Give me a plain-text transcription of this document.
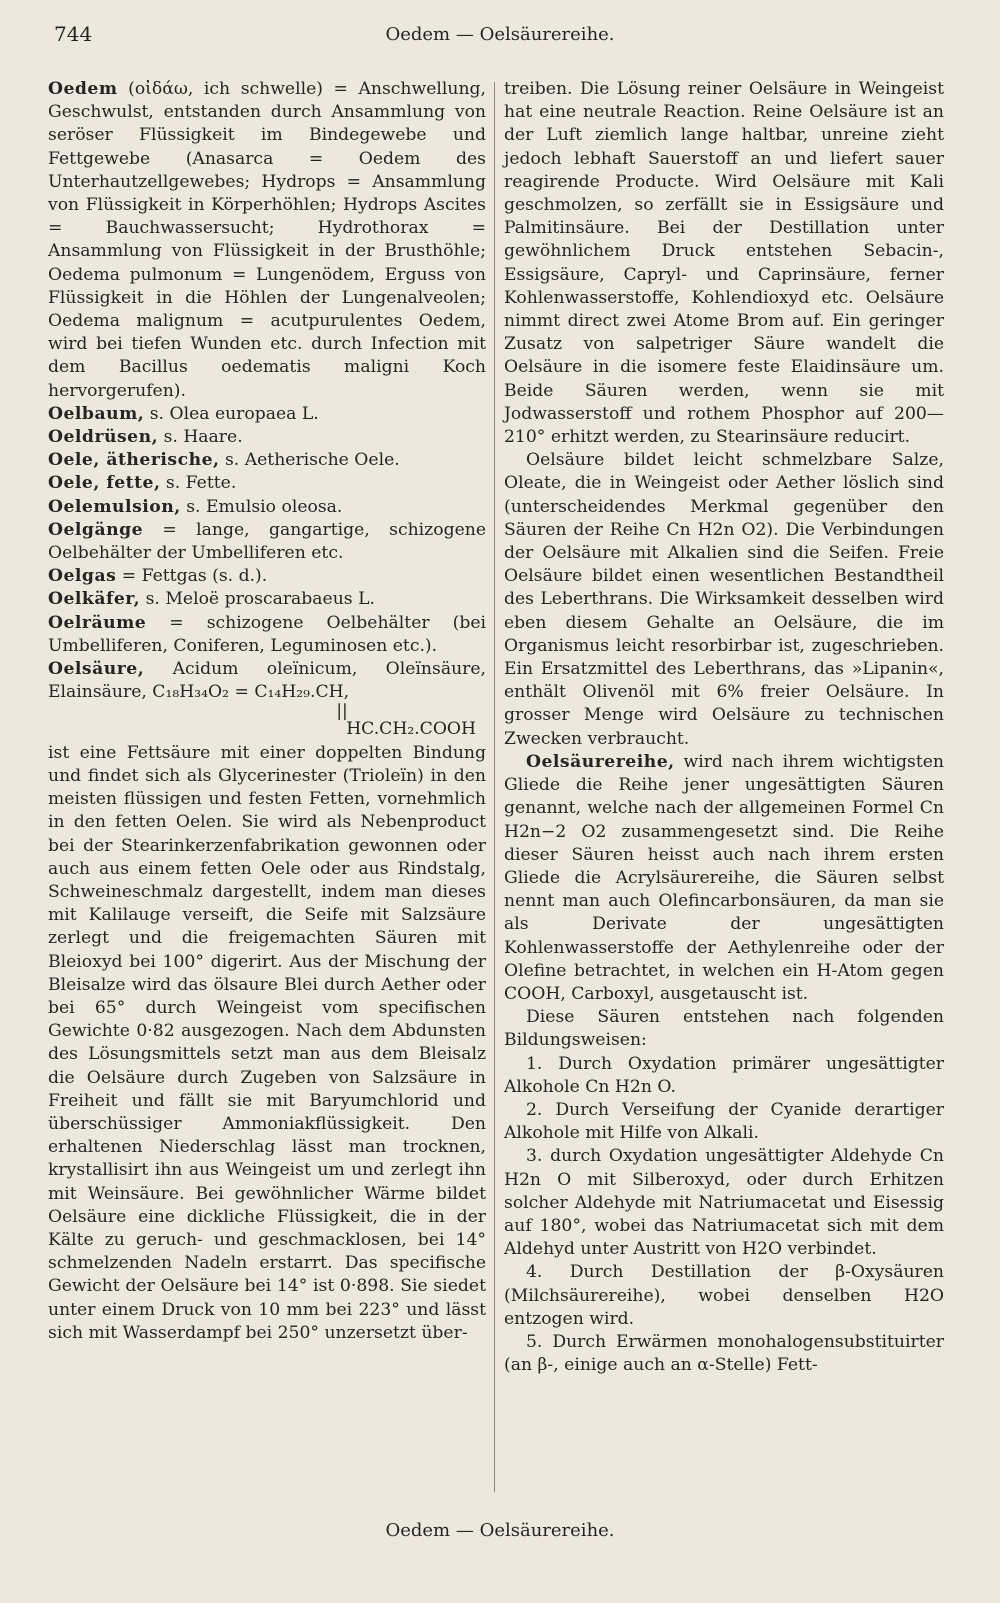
744	Oedem — Oelsäurereihe.

Oedem (οἰδάω, ich schwelle) = Anschwellung, Geschwulst, entstanden durch Ansammlung von seröser Flüssigkeit im Bindegewebe und Fettgewebe (Anasarca = Oedem des Unterhautzellgewebes; Hydrops = Ansammlung von Flüssigkeit in Körperhöhlen; Hydrops Ascites = Bauchwassersucht; Hydrothorax = Ansammlung von Flüssigkeit in der Brusthöhle; Oedema pulmonum = Lungenödem, Erguss von Flüssigkeit in die Höhlen der Lungenalveolen; Oedema malignum = acutpurulentes Oedem, wird bei tiefen Wunden etc. durch Infection mit dem Bacillus oedematis maligni Koch hervorgerufen).

Oelbaum, s. Olea europaea L.

Oeldrüsen, s. Haare.

Oele, ätherische, s. Aetherische Oele.

Oele, fette, s. Fette.

Oelemulsion, s. Emulsio oleosa.

Oelgänge = lange, gangartige, schizogene Oelbehälter der Umbelliferen etc.

Oelgas = Fettgas (s. d.).

Oelkäfer, s. Meloë proscarabaeus L.

Oelräume = schizogene Oelbehälter (bei Umbelliferen, Coniferen, Leguminosen etc.).

Oelsäure, Acidum oleïnicum, Oleïnsäure, Elainsäure, C₁₈H₃₄O₂ = C₁₄H₂₉.CH,

||

HC.CH₂.COOH

ist eine Fettsäure mit einer doppelten Bindung und findet sich als Glycerinester (Trioleïn) in den meisten flüssigen und festen Fetten, vornehmlich in den fetten Oelen. Sie wird als Nebenproduct bei der Stearinkerzenfabrikation gewonnen oder auch aus einem fetten Oele oder aus Rindstalg, Schweineschmalz dargestellt, indem man dieses mit Kalilauge verseift, die Seife mit Salzsäure zerlegt und die freigemachten Säuren mit Bleioxyd bei 100° digerirt. Aus der Mischung der Bleisalze wird das ölsaure Blei durch Aether oder bei 65° durch Weingeist vom specifischen Gewichte 0·82 ausgezogen. Nach dem Abdunsten des Lösungsmittels setzt man aus dem Bleisalz die Oelsäure durch Zugeben von Salzsäure in Freiheit und fällt sie mit Baryumchlorid und überschüssiger Ammoniakflüssigkeit. Den erhaltenen Niederschlag lässt man trocknen, krystallisirt ihn aus Weingeist um und zerlegt ihn mit Weinsäure. Bei gewöhnlicher Wärme bildet Oelsäure eine dickliche Flüssigkeit, die in der Kälte zu geruch- und geschmacklosen, bei 14° schmelzenden Nadeln erstarrt. Das specifische Gewicht der Oelsäure bei 14° ist 0·898. Sie siedet unter einem Druck von 10 mm bei 223° und lässt sich mit Wasserdampf bei 250° unzersetzt über-

treiben. Die Lösung reiner Oelsäure in Weingeist hat eine neutrale Reaction. Reine Oelsäure ist an der Luft ziemlich lange haltbar, unreine zieht jedoch lebhaft Sauerstoff an und liefert sauer reagirende Producte. Wird Oelsäure mit Kali geschmolzen, so zerfällt sie in Essigsäure und Palmitinsäure. Bei der Destillation unter gewöhnlichem Druck entstehen Sebacin-, Essigsäure, Capryl- und Caprinsäure, ferner Kohlenwasserstoffe, Kohlendioxyd etc. Oelsäure nimmt direct zwei Atome Brom auf. Ein geringer Zusatz von salpetriger Säure wandelt die Oelsäure in die isomere feste Elaidinsäure um. Beide Säuren werden, wenn sie mit Jodwasserstoff und rothem Phosphor auf 200—210° erhitzt werden, zu Stearinsäure reducirt.

Oelsäure bildet leicht schmelzbare Salze, Oleate, die in Weingeist oder Aether löslich sind (unterscheidendes Merkmal gegenüber den Säuren der Reihe Cn H2n O2). Die Verbindungen der Oelsäure mit Alkalien sind die Seifen. Freie Oelsäure bildet einen wesentlichen Bestandtheil des Leberthrans. Die Wirksamkeit desselben wird eben diesem Gehalte an Oelsäure, die im Organismus leicht resorbirbar ist, zugeschrieben. Ein Ersatzmittel des Leberthrans, das »Lipanin«, enthält Olivenöl mit 6% freier Oelsäure. In grosser Menge wird Oelsäure zu technischen Zwecken verbraucht.

Oelsäurereihe, wird nach ihrem wichtigsten Gliede die Reihe jener ungesättigten Säuren genannt, welche nach der allgemeinen Formel Cn H2n−2 O2 zusammengesetzt sind. Die Reihe dieser Säuren heisst auch nach ihrem ersten Gliede die Acrylsäurereihe, die Säuren selbst nennt man auch Olefincarbonsäuren, da man sie als Derivate der ungesättigten Kohlenwasserstoffe der Aethylenreihe oder der Olefine betrachtet, in welchen ein H-Atom gegen COOH, Carboxyl, ausgetauscht ist.

Diese Säuren entstehen nach folgenden Bildungsweisen:

1. Durch Oxydation primärer ungesättigter Alkohole Cn H2n O.

2. Durch Verseifung der Cyanide derartiger Alkohole mit Hilfe von Alkali.

3. durch Oxydation ungesättigter Aldehyde Cn H2n O mit Silberoxyd, oder durch Erhitzen solcher Aldehyde mit Natriumacetat und Eisessig auf 180°, wobei das Natriumacetat sich mit dem Aldehyd unter Austritt von H2O verbindet.

4. Durch Destillation der β-Oxysäuren (Milchsäurereihe), wobei denselben H2O entzogen wird.

5. Durch Erwärmen monohalogensubstituirter (an β-, einige auch an α-Stelle) Fett-

Oedem — Oelsäurereihe.
